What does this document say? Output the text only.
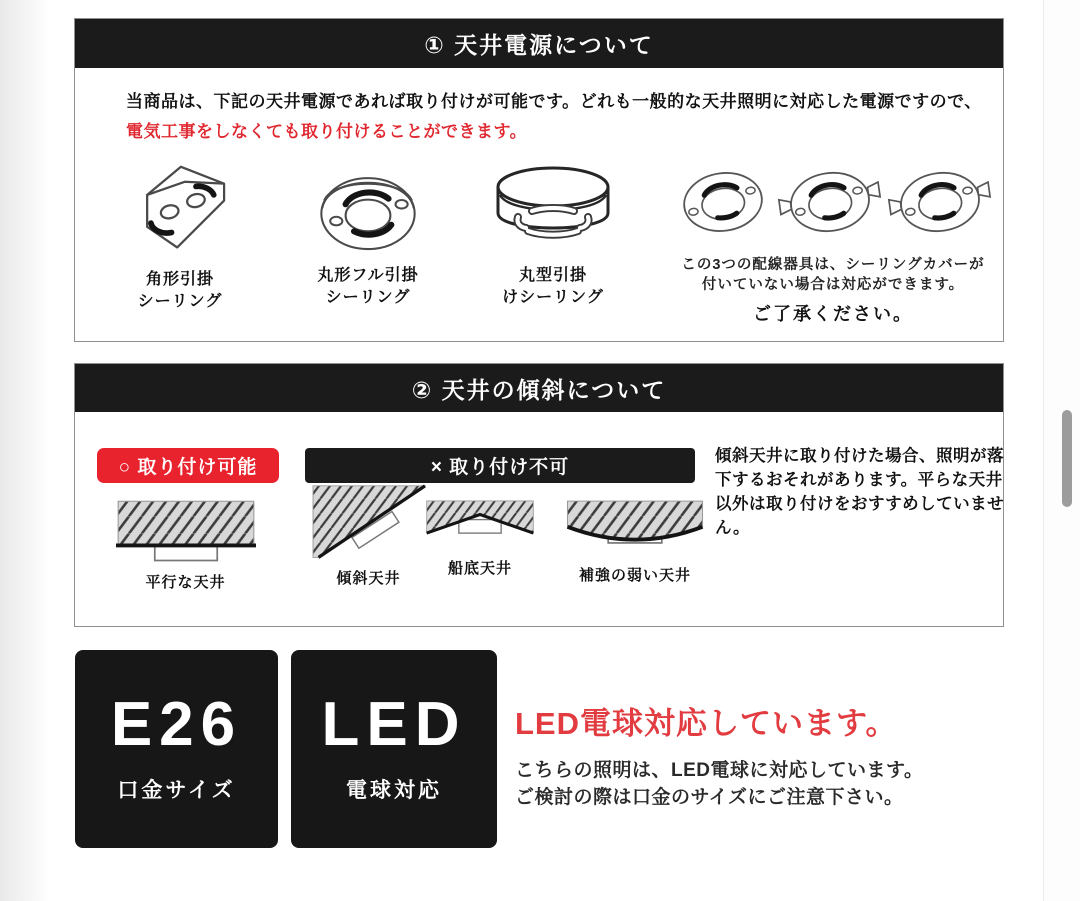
① 天井電源について
当商品は、下記の天井電源であれば取り付けが可能です。どれも一般的な天井照明に対応した電源ですので、
電気工事をしなくても取り付けることができます。
角形引掛
シーリング
丸形フル引掛
シーリング
丸型引掛
けシーリング
この3つの配線器具は、シーリングカバーが
付いていない場合は対応ができます。
ご了承ください。
② 天井の傾斜について
○ 取り付け可能	× 取り付け不可
傾斜天井に取り付けた場合、照明が落下するおそれがあります。平らな天井以外は取り付けをおすすめしていません。
平行な天井	傾斜天井
船底天井	補強の弱い天井
E26
口金サイズ
LED
電球対応
LED電球対応しています。
こちらの照明は、LED電球に対応しています。
ご検討の際は口金のサイズにご注意下さい。
